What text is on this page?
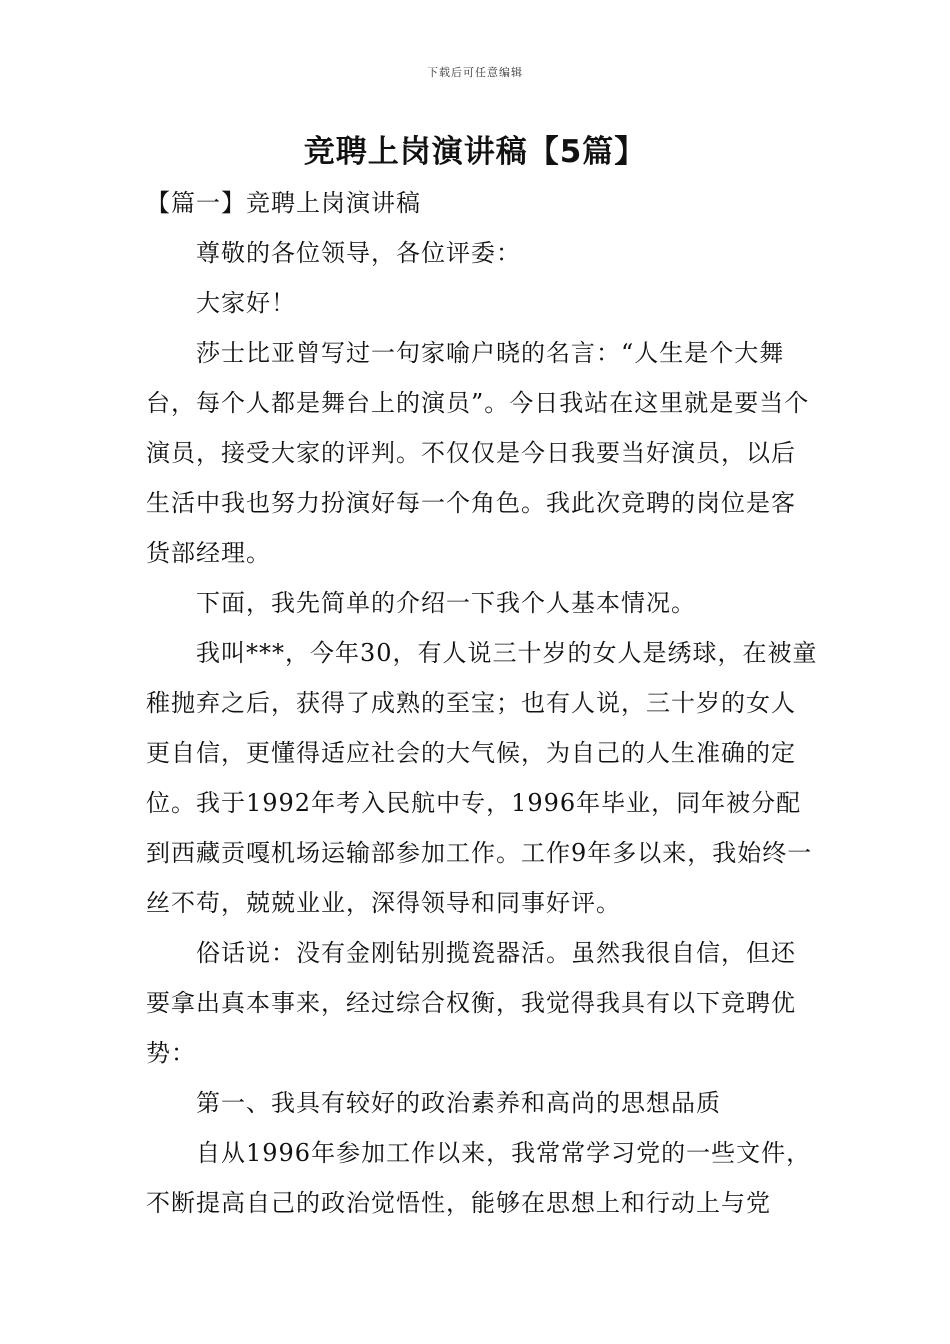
下载后可任意编辑
竞聘上岗演讲稿【5篇】

【篇一】竞聘上岗演讲稿

尊敬的各位领导，各位评委：

大家好！

莎士比亚曾写过一句家喻户晓的名言：“人生是个大舞台，每个人都是舞台上的演员”。今日我站在这里就是要当个演员，接受大家的评判。不仅仅是今日我要当好演员，以后生活中我也努力扮演好每一个角色。我此次竞聘的岗位是客货部经理。

下面，我先简单的介绍一下我个人基本情况。

我叫***，今年30，有人说三十岁的女人是绣球，在被童稚抛弃之后，获得了成熟的至宝；也有人说，三十岁的女人更自信，更懂得适应社会的大气候，为自己的人生准确的定位。我于1992年考入民航中专，1996年毕业，同年被分配到西藏贡嘎机场运输部参加工作。工作9年多以来，我始终一丝不苟，兢兢业业，深得领导和同事好评。

俗话说：没有金刚钻别揽瓷器活。虽然我很自信，但还要拿出真本事来，经过综合权衡，我觉得我具有以下竞聘优势：

第一、我具有较好的政治素养和高尚的思想品质

自从1996年参加工作以来，我常常学习党的一些文件，不断提高自己的政治觉悟性，能够在思想上和行动上与党
